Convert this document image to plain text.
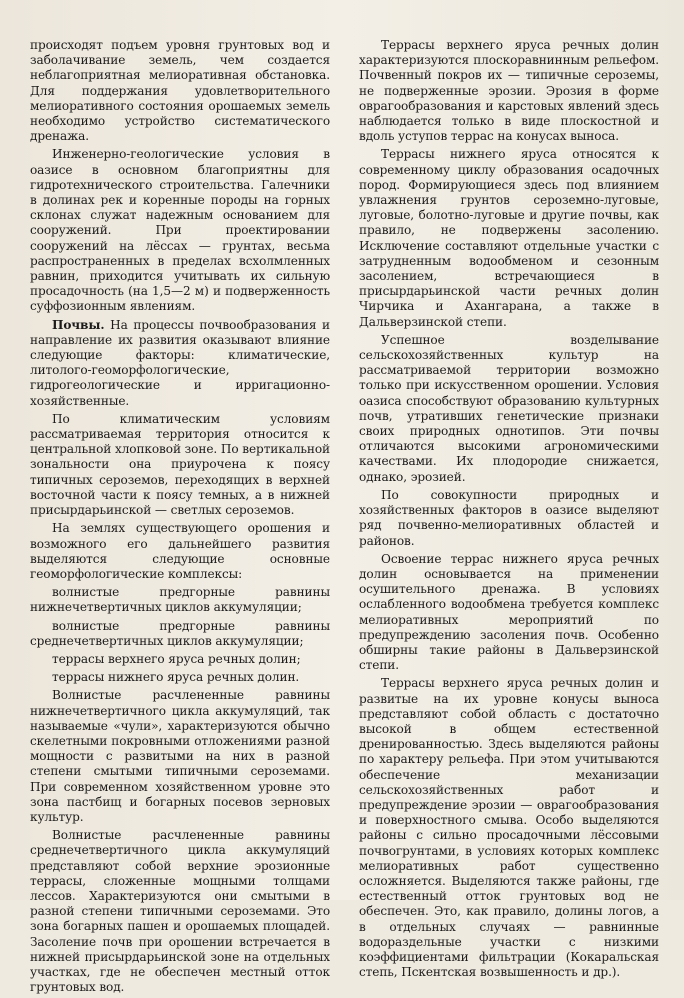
происходят подъем уровня грунтовых вод и заболачивание земель, чем создается неблагоприятная мелиоративная обстановка. Для поддержания удовлетворительного мелиоративного состояния орошаемых земель необходимо устройство систематического дренажа.

Инженерно-геологические условия в оазисе в основном благоприятны для гидротехнического строительства. Галечники в долинах рек и коренные породы на горных склонах служат надежным основанием для сооружений. При проектировании сооружений на лёссах — грунтах, весьма распространенных в пределах всхолмленных равнин, приходится учитывать их сильную просадочность (на 1,5—2 м) и подверженность суффозионным явлениям.

Почвы. На процессы почвообразования и направление их развития оказывают влияние следующие факторы: климатические, литолого-геоморфологические, гидрогеологические и ирригационно-хозяйственные.

По климатическим условиям рассматриваемая территория относится к центральной хлопковой зоне. По вертикальной зональности она приурочена к поясу типичных сероземов, переходящих в верхней восточной части к поясу темных, а в нижней присырдарьинской — светлых сероземов.

На землях существующего орошения и возможного его дальнейшего развития выделяются следующие основные геоморфологические комплексы:

волнистые предгорные равнины нижнечетвертичных циклов аккумуляции;

волнистые предгорные равнины среднечетвертичных циклов аккумуляции;

террасы верхнего яруса речных долин;

террасы нижнего яруса речных долин.

Волнистые расчлененные равнины нижнечетвертичного цикла аккумуляций, так называемые «чули», характеризуются обычно скелетными покровными отложениями разной мощности с развитыми на них в разной степени смытыми типичными сероземами. При современном хозяйственном уровне это зона пастбищ и богарных посевов зерновых культур.

Волнистые расчлененные равнины среднечетвертичного цикла аккумуляций представляют собой верхние эрозионные террасы, сложенные мощными толщами лессов. Характеризуются они смытыми в разной степени типичными сероземами. Это зона богарных пашен и орошаемых площадей. Засоление почв при орошении встречается в нижней присырдарьинской зоне на отдельных участках, где не обеспечен местный отток грунтовых вод.

Террасы верхнего яруса речных долин характеризуются плоскоравнинным рельефом. Почвенный покров их — типичные сероземы, не подверженные эрозии. Эрозия в форме оврагообразования и карстовых явлений здесь наблюдается только в виде плоскостной и вдоль уступов террас на конусах выноса.

Террасы нижнего яруса относятся к современному циклу образования осадочных пород. Формирующиеся здесь под влиянием увлажнения грунтов сероземно-луговые, луговые, болотно-луговые и другие почвы, как правило, не подвержены засолению. Исключение составляют отдельные участки с затрудненным водообменом и сезонным засолением, встречающиеся в присырдарьинской части речных долин Чирчика и Ахангарана, а также в Дальверзинской степи.

Успешное возделывание сельскохозяйственных культур на рассматриваемой территории возможно только при искусственном орошении. Условия оазиса способствуют образованию культурных почв, утративших генетические признаки своих природных однотипов. Эти почвы отличаются высокими агрономическими качествами. Их плодородие снижается, однако, эрозией.

По совокупности природных и хозяйственных факторов в оазисе выделяют ряд почвенно-мелиоративных областей и районов.

Освоение террас нижнего яруса речных долин основывается на применении осушительного дренажа. В условиях ослабленного водообмена требуется комплекс мелиоративных мероприятий по предупреждению засоления почв. Особенно обширны такие районы в Дальверзинской степи.

Террасы верхнего яруса речных долин и развитые на их уровне конусы выноса представляют собой область с достаточно высокой в общем естественной дренированностью. Здесь выделяются районы по характеру рельефа. При этом учитываются обеспечение механизации сельскохозяйственных работ и предупреждение эрозии — оврагообразования и поверхностного смыва. Особо выделяются районы с сильно просадочными лёссовыми почвогрунтами, в условиях которых комплекс мелиоративных работ существенно осложняется. Выделяются также районы, где естественный отток грунтовых вод не обеспечен. Это, как правило, долины логов, а в отдельных случаях — равнинные водораздельные участки с низкими коэффициентами фильтрации (Кокаральская степь, Пскентская возвышенность и др.).
